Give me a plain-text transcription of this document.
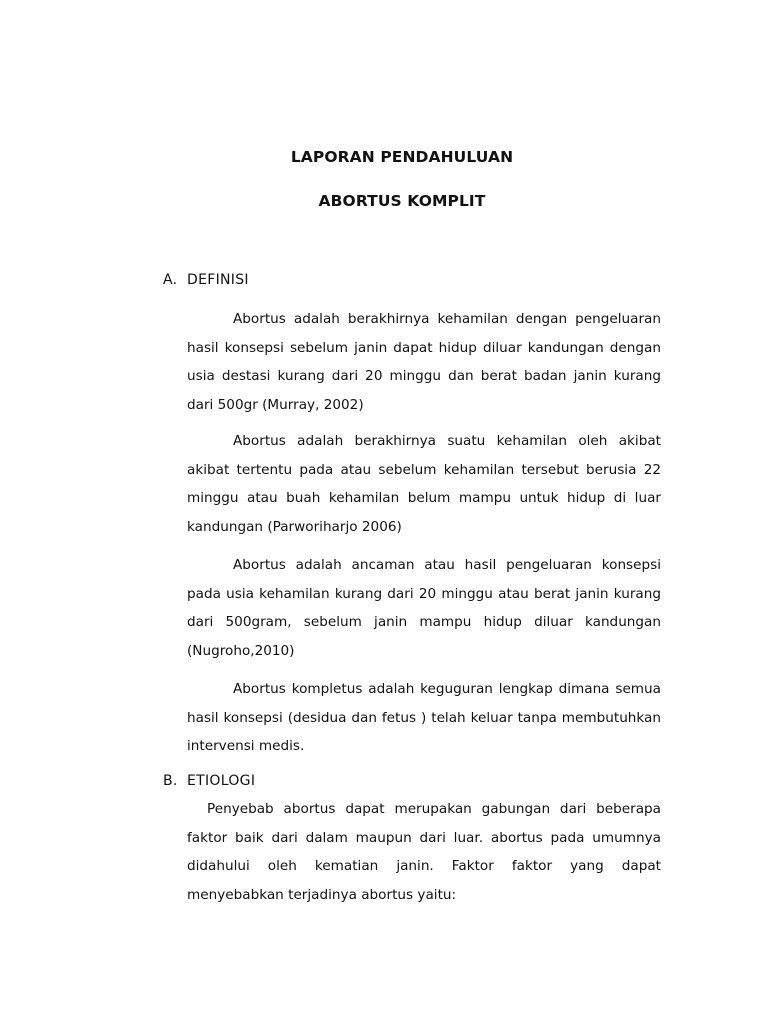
LAPORAN PENDAHULUAN
ABORTUS KOMPLIT
A. DEFINISI

Abortus adalah berakhirnya kehamilan dengan pengeluaran hasil konsepsi sebelum janin dapat hidup diluar kandungan dengan usia destasi kurang dari 20 minggu dan berat badan janin kurang dari 500gr (Murray, 2002)

Abortus adalah berakhirnya suatu kehamilan oleh akibat akibat tertentu pada atau sebelum kehamilan tersebut berusia 22 minggu atau buah kehamilan belum mampu untuk hidup di luar kandungan (Parworiharjo 2006)

Abortus adalah ancaman atau hasil pengeluaran konsepsi pada usia kehamilan kurang dari 20 minggu atau berat janin kurang dari 500gram, sebelum janin mampu hidup diluar kandungan (Nugroho,2010)

Abortus kompletus adalah keguguran lengkap dimana semua hasil konsepsi (desidua dan fetus ) telah keluar tanpa membutuhkan intervensi medis.

B. ETIOLOGI

Penyebab abortus dapat merupakan gabungan dari beberapa faktor baik dari dalam maupun dari luar. abortus pada umumnya didahului oleh kematian janin. Faktor faktor yang dapat menyebabkan terjadinya abortus yaitu:
